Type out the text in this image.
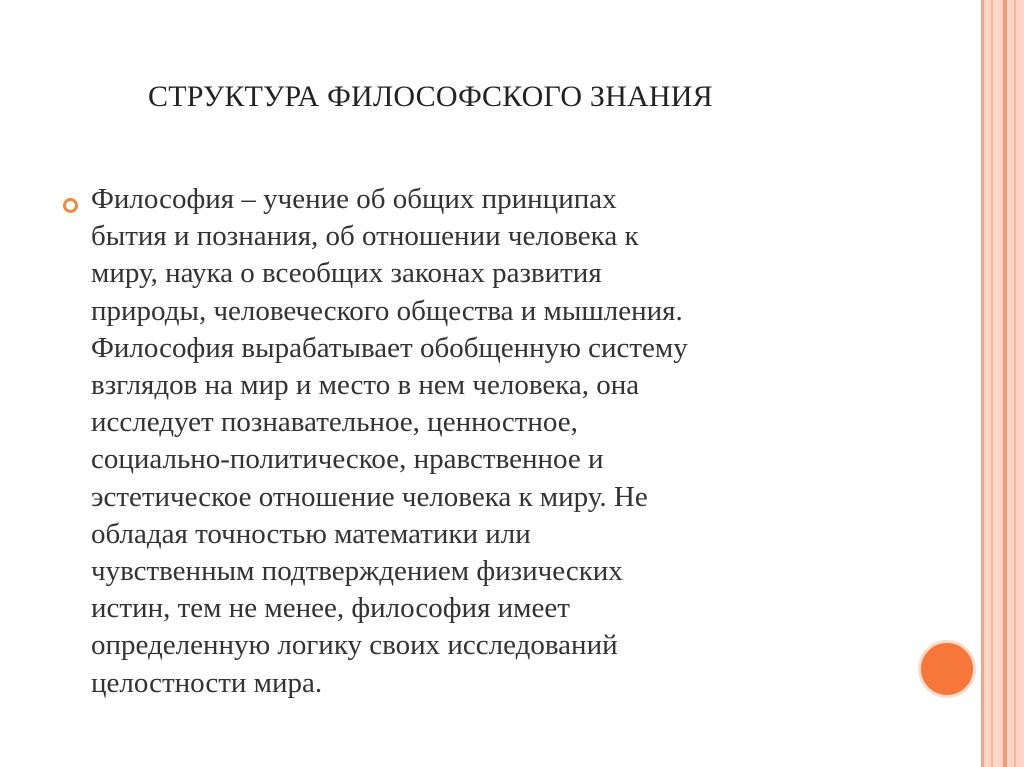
СТРУКТУРА ФИЛОСОФСКОГО ЗНАНИЯ

Философия – учение об общих принципах
бытия и познания, об отношении человека к
миру, наука о всеобщих законах развития
природы, человеческого общества и мышления.
Философия вырабатывает обобщенную систему
взглядов на мир и место в нем человека, она
исследует познавательное, ценностное,
социально-политическое, нравственное и
эстетическое отношение человека к миру. Не
обладая точностью математики или
чувственным подтверждением физических
истин, тем не менее, философия имеет
определенную логику своих исследований
целостности мира.
